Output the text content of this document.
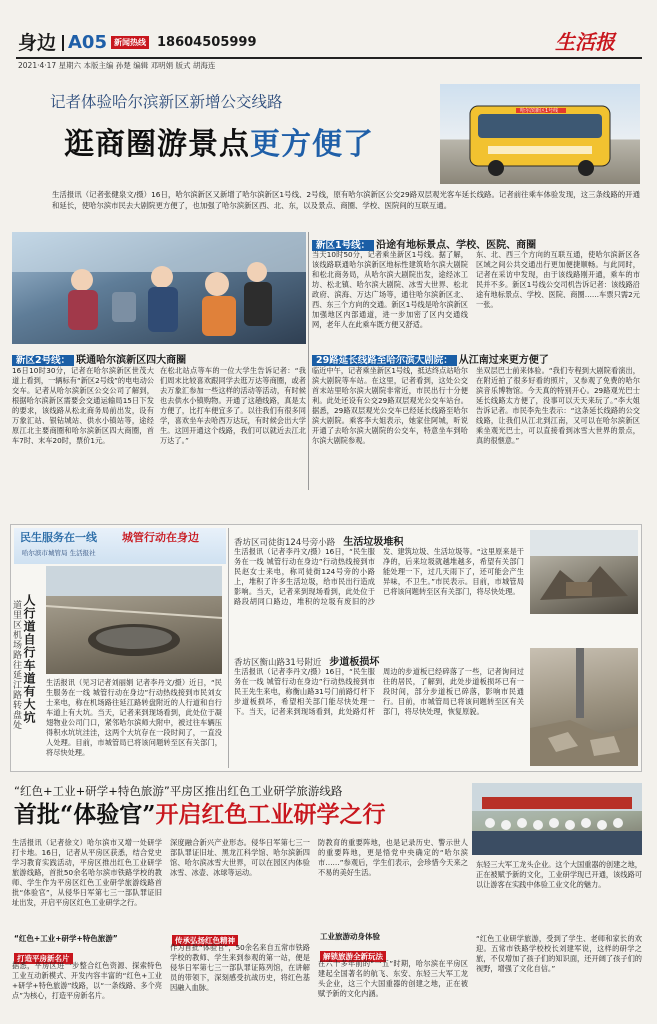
身边 A05 新闻热线 18604505999	生活报
2021·4·17 星期六 本版主编 孙楚 编辑 邓明娟 版式 胡海连
记者体验哈尔滨新区新增公交线路
逛商圈游景点更方便了
哈尔滨新区1号线
生活报讯（记者张健泉文/摄）16日，哈尔滨新区又新增了哈尔滨新区1号线、2号线，原有哈尔滨新区公交29路双层观光客车延长线路。记者前往乘车体验发现，这三条线路的开通和延长，使哈尔滨市民去大剧院更方便了，也加强了哈尔滨新区西、北、东，以及景点、商圈、学校、医院间的互联互通。
新区1号线： 沿途有地标景点、学校、医院、商圈
当天10时50分，记者乘坐新区1号线。据了解，该线路联通哈尔滨新区地标性建筑哈尔滨大剧院和松北商务局，从哈尔滨大剧院出发，途经冰工坊、松北镇、哈尔滨大剧院、冰雪大世界、松北政府、滨海、万达广场等，通往哈尔滨新区北、西、东三个方向的交通。新区1号线是哈尔滨新区加强地区内部通道，进一步加密了区内交通线网，老年人在此乘车既方便又舒适。
东、北、西三个方向的互联互通，使哈尔滨新区各区域之间公共交通出行更加便捷顺畅。与此同时，记者在采访中发现，由于该线路刚开通，乘车的市民并不多。新区1号线公交司机告诉记者：该线路沿途有地标景点、学校、医院、商圈……车票只需2元一张。
新区2号线： 联通哈尔滨新区四大商圈
16日10时30分，记者在哈尔滨新区世茂大道上看到，一辆标有“新区2号线”的电电动公交车。记者从哈尔滨新区公交公司了解到，根据哈尔滨新区需要会交通运输局15日下发的要求，该线路从松北商务局前出发，设有万象汇站、银钻城站、供水小镇站等，途经原江北主要商圈和哈尔滨新区四大商圈，首车7时、末车20时，票价1元。
在松北站点等车的一位大学生告诉记者：“我们周末比较喜欢跟同学去逛万达等商圈，或者去万象汇参加一些这样的活动等活动，有时候也去供水小镇购物。开通了这趟线路，真是太方便了，比打车便宜多了。以往我们有很多同学，喜欢坐车去哈西万达玩，有时候会出大学生。这回开通这个线路，我们可以就近去江北万达了。”
29路延长线路至哈尔滨大剧院： 从江南过来更方便了
临近中午，记者乘坐新区1号线，抵达终点站哈尔滨大剧院等车站。在这里，记者看到，这处公交首末站里哈尔滨大剧院非常近，市民出行十分便利。此处还设有公交29路双层观光公交车站台。据悉，29路双层观光公交车已经延长线路至哈尔滨大剧院。乘客李大姐表示，她家住阿城，听说开通了去哈尔滨大剧院的公交车，特意坐车到哈尔滨大剧院参观。
坐双层巴士前来体验。“我们专程到大剧院看演出，在附近拍了很多好看的照片，又参观了免费的哈尔滨音乐博物馆。今天真的特别开心。29路观光巴士延长线路太方便了，没事可以天天来玩了。”李大姐告诉记者。市民李先生表示：“这条延长线路的公交线路，让我们从江北到江南，又可以在哈尔滨新区乘坐观光巴士，可以直接看到冰雪大世界的景点，真的很惬意。”
民生服务在一线 城管行动在身边
哈尔滨市城管局 生活报社
人行道自行车道有大坑
道里区机场路往延江路转盘处	生活报讯（见习记者刘丽娟 记者李丹文/摄）近日，“民生服务在一线 城管行动在身边”行动热线接到市民刘女士来电，称在机场路往延江路转盘附近的人行道和自行车道上有大坑。当天，记者来到现场看到，此处位于凝翅物业公司门口，紧邻哈尔滨师大附中，被过往车辆压得积水坑坑洼洼，这两个大坑存在一段时间了，一直没人处理。目前，市城管局已将该问题转至区有关部门，将尽快处理。
香坊区司徒街124号旁小路 生活垃圾堆积
生活报讯（记者李丹文/摄）16日，“民生服务在一线 城管行动在身边”行动热线接到市民赵女士来电，称司徒街124号旁的小路上，堆积了许多生活垃圾，给市民出行造成影响。当天，记者来到现场看到，此处位于路段胡同口路边，堆积的垃圾有废旧的沙发、建筑垃圾、生活垃圾等。“这里原来是干净的，后来垃圾就越堆越多，希望有关部门能处理一下，过几天雨下了，还可能会产生异味，不卫生。”市民表示。目前，市城管局已将该问题转至区有关部门，将尽快处理。
香坊区衡山路31号附近 步道板损坏
生活报讯（记者李丹文/摄）16日，“民生服务在一线 城管行动在身边”行动热线接到市民王先生来电，称衡山路31号门前路灯杆下步道板损坏，希望相关部门能尽快处理一下。当天，记者来到现场看到，此处路灯杆周边的步道板已经碎落了一些，记者询问过往的居民，了解到，此处步道板损坏已有一段时间，部分步道板已碎落，影响市民通行。目前，市城管局已将该问题转至区有关部门，将尽快处理，恢复原貌。
“红色+工业+研学+特色旅游”平房区推出红色工业研学旅游线路
首批“体验官”开启红色工业研学之行
生活报讯（记者徐文）哈尔滨市又增一处研学打卡地。16日，记者从平房区获悉，结合党史学习教育实践活动，平房区推出红色工业研学旅游线路，首批50余名哈尔滨市铁路学校的教师、学生作为平房区红色工业研学旅游线路首批“体验官”，从侵华日军第七三一部队罪证旧址出发，开启平房区红色工业研学之行。
“红色+工业+研学+特色旅游”
打造平房新名片
据悉，平房区进一步整合红色资源、探索特色工业互动新模式、开发内容丰富的“红色+工业+研学+特色旅游”线路，以“一条线路、多个亮点”为核心，打造平房新名片。
深度融合新兴产业形态。侵华日军第七三一部队罪证旧址、黑龙江科学馆、哈尔滨新四馆、哈尔滨冰雪大世界，可以在园区内体验冰雪、冰壶、冰球等运动。
传承弘扬红色精神
作为首批“体验官”，50余名来自五常市铁路学校的教师、学生来到参观的第一站，便是侵华日军第七三一部队罪证陈列馆，在讲解员的带领下，深刻感受抗战历史，将红色基因融入血脉。
防教育的重要阵地，也是记录历史、警示世人的重要阵地，更是悟党中央确定的“哈尔滨市……”参观后，学生们表示，会珍惜今天来之不易的美好生活。
工业旅游动身体验
解锁旅游全新玩法
在六十多年前的“一五”时期，哈尔滨在平房区建起全国著名的航飞、东安、东轻三大军工龙头企业，这三个大国重器的创建之地，正在被赋予新的文化内涵。
东轻三大军工龙头企业。这个大国重器的创建之地，正在被赋予新的文化，工业研学现已开通，该线路可以让游客在实践中体验工业文化的魅力。
“红色工业研学旅游，受到了学生、老师和家长的欢迎。五常市铁路学校校长刘建军说，这样的研学之旅，不仅增加了孩子们的知识面，还开阔了孩子们的视野，增强了文化自信。”
